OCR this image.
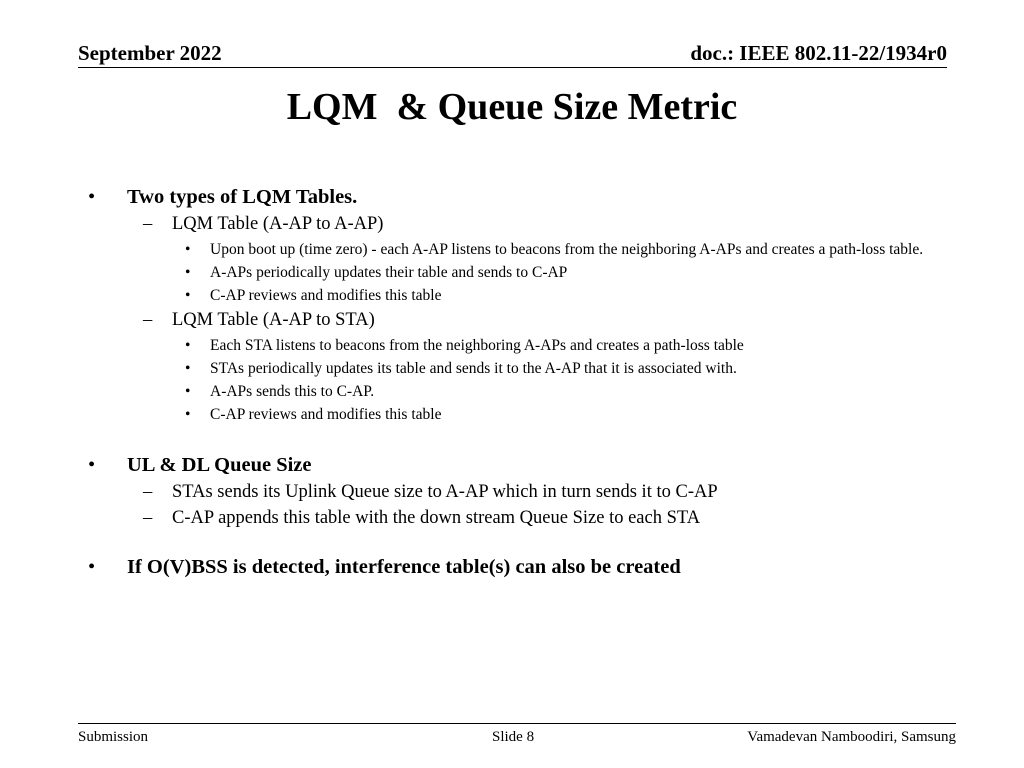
September 2022	doc.: IEEE 802.11-22/1934r0
LQM  & Queue Size Metric
• Two types of LQM Tables.
– LQM Table (A-AP to A-AP)
• Upon boot up (time zero) - each A-AP listens to beacons from the neighboring A-APs and creates a path-loss table.
• A-APs periodically updates their table and sends to C-AP
• C-AP reviews and modifies this table
– LQM Table (A-AP to STA)
• Each STA listens to beacons from the neighboring A-APs and creates a path-loss table
• STAs periodically updates its table and sends it to the A-AP that it is associated with.
• A-APs sends this to C-AP.
• C-AP reviews and modifies this table
• UL & DL Queue Size
– STAs sends its Uplink Queue size to A-AP which in turn sends it to C-AP
– C-AP appends this table with the down stream Queue Size to each STA
• If O(V)BSS is detected, interference table(s) can also be created
Submission	Slide 8	Vamadevan Namboodiri, Samsung
